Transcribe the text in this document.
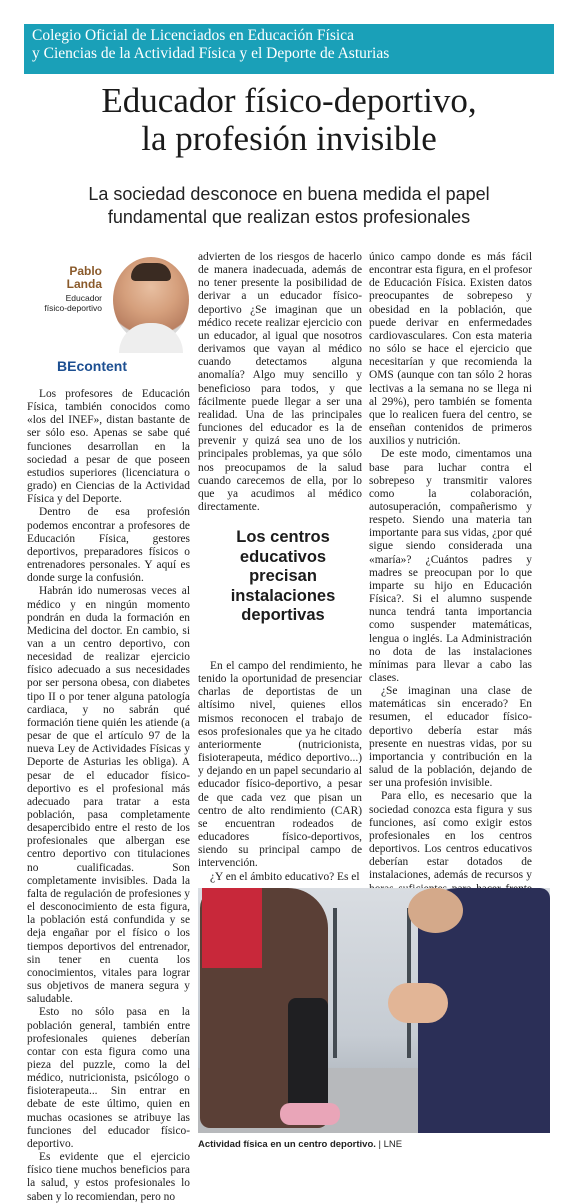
Colegio Oficial de Licenciados en Educación Física
y Ciencias de la Actividad Física y el Deporte de Asturias
Educador físico-deportivo,
la profesión invisible
La sociedad desconoce en buena medida el papel
fundamental que realizan estos profesionales
Pablo
Landa
Educador físico-deportivo
BEcontent

Los profesores de Educación Física, también conocidos como «los del INEF», distan bastante de ser sólo eso. Apenas se sabe qué funciones desarrollan en la sociedad a pesar de que poseen estudios superiores (licenciatura o grado) en Ciencias de la Actividad Física y del Deporte.

Dentro de esa profesión podemos encontrar a profesores de Educación Física, gestores deportivos, preparadores físicos o entrenadores personales. Y aquí es donde surge la confusión.

Habrán ido numerosas veces al médico y en ningún momento pondrán en duda la formación en Medicina del doctor. En cambio, si van a un centro deportivo, con necesidad de realizar ejercicio físico adecuado a sus necesidades por ser persona obesa, con diabetes tipo II o por tener alguna patología cardiaca, y no sabrán qué formación tiene quién les atiende (a pesar de que el artículo 97 de la nueva Ley de Actividades Físicas y Deporte de Asturias les obliga). A pesar de el educador físico-deportivo es el profesional más adecuado para tratar a esta población, pasa completamente desapercibido entre el resto de los profesionales que albergan ese centro deportivo con titulaciones no cualificadas. Son completamente invisibles. Dada la falta de regulación de profesiones y el desconocimiento de esta figura, la población está confundida y se deja engañar por el físico o los tiempos deportivos del entrenador, sin tener en cuenta los conocimientos, vitales para lograr sus objetivos de manera segura y saludable.

Esto no sólo pasa en la población general, también entre profesionales quienes deberían contar con esta figura como una pieza del puzzle, como la del médico, nutricionista, psicólogo o fisioterapeuta... Sin entrar en debate de este último, quien en muchas ocasiones se atribuye las funciones del educador físico-deportivo.

Es evidente que el ejercicio físico tiene muchos beneficios para la salud, y estos profesionales lo saben y lo recomiendan, pero no

advierten de los riesgos de hacerlo de manera inadecuada, además de no tener presente la posibilidad de derivar a un educador físico-deportivo ¿Se imaginan que un médico recete realizar ejercicio con un educador, al igual que nosotros derivamos que vayan al médico cuando detectamos alguna anomalía? Algo muy sencillo y beneficioso para todos, y que fácilmente puede llegar a ser una realidad. Una de las principales funciones del educador es la de prevenir y quizá sea uno de los principales problemas, ya que sólo nos preocupamos de la salud cuando carecemos de ella, por lo que ya acudimos al médico directamente.

Los centros educativos precisan instalaciones deportivas

En el campo del rendimiento, he tenido la oportunidad de presenciar charlas de deportistas de un altísimo nivel, quienes ellos mismos reconocen el trabajo de esos profesionales que ya he citado anteriormente (nutricionista, fisioterapeuta, médico deportivo...) y dejando en un papel secundario al educador físico-deportivo, a pesar de que cada vez que pisan un centro de alto rendimiento (CAR) se encuentran rodeados de educadores físico-deportivos, siendo su principal campo de intervención.

¿Y en el ámbito educativo? Es el

único campo donde es más fácil encontrar esta figura, en el profesor de Educación Física. Existen datos preocupantes de sobrepeso y obesidad en la población, que puede derivar en enfermedades cardiovasculares. Con esta materia no sólo se hace el ejercicio que necesitarían y que recomienda la OMS (aunque con tan sólo 2 horas lectivas a la semana no se llega ni al 29%), pero también se fomenta que lo realicen fuera del centro, se enseñan contenidos de primeros auxilios y nutrición.

De este modo, cimentamos una base para luchar contra el sobrepeso y transmitir valores como la colaboración, autosuperación, compañerismo y respeto. Siendo una materia tan importante para sus vidas, ¿por qué sigue siendo considerada una «maría»? ¿Cuántos padres y madres se preocupan por lo que imparte su hijo en Educación Física?. Si el alumno suspende nunca tendrá tanta importancia como suspender matemáticas, lengua o inglés. La Administración no dota de las instalaciones mínimas para llevar a cabo las clases.

¿Se imaginan una clase de matemáticas sin encerado? En resumen, el educador físico-deportivo debería estar más presente en nuestras vidas, por su importancia y contribución en la salud de la población, dejando de ser una profesión invisible.

Para ello, es necesario que la sociedad conozca esta figura y sus funciones, así como exigir estos profesionales en los centros deportivos. Los centros educativos deberían estar dotados de instalaciones, además de recursos y

Actividad física en un centro deportivo. | LNE
